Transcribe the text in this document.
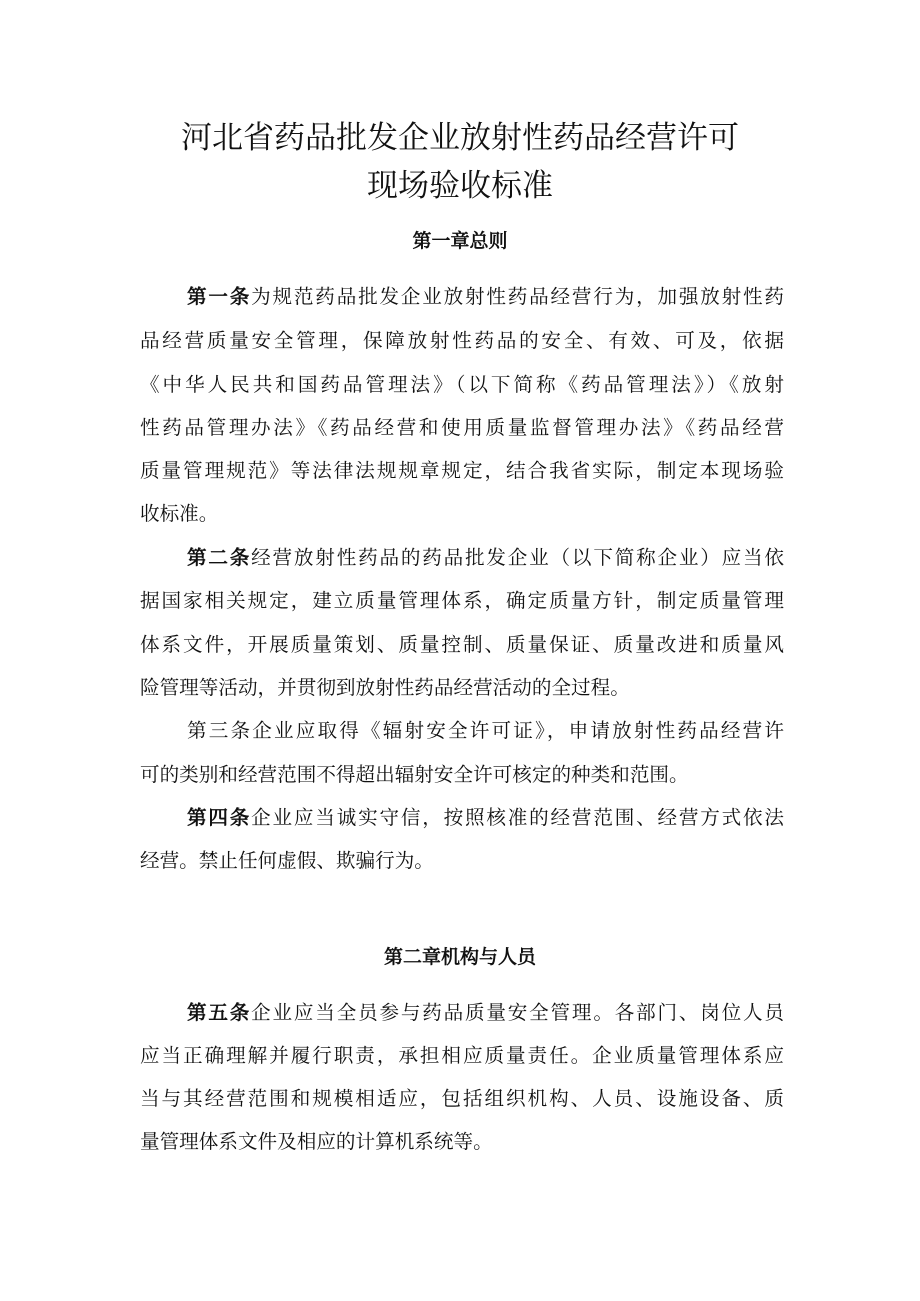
河北省药品批发企业放射性药品经营许可
现场验收标准
第一章总则
第一条为规范药品批发企业放射性药品经营行为，加强放射性药
品经营质量安全管理，保障放射性药品的安全、有效、可及，依据
《中华人民共和国药品管理法》（以下简称《药品管理法》）《放射
性药品管理办法》《药品经营和使用质量监督管理办法》《药品经营
质量管理规范》等法律法规规章规定，结合我省实际，制定本现场验
收标准。
第二条经营放射性药品的药品批发企业（以下简称企业）应当依
据国家相关规定，建立质量管理体系，确定质量方针，制定质量管理
体系文件，开展质量策划、质量控制、质量保证、质量改进和质量风
险管理等活动，并贯彻到放射性药品经营活动的全过程。
第三条企业应取得《辐射安全许可证》，申请放射性药品经营许
可的类别和经营范围不得超出辐射安全许可核定的种类和范围。
第四条企业应当诚实守信，按照核准的经营范围、经营方式依法
经营。禁止任何虚假、欺骗行为。
第二章机构与人员
第五条企业应当全员参与药品质量安全管理。各部门、岗位人员
应当正确理解并履行职责，承担相应质量责任。企业质量管理体系应
当与其经营范围和规模相适应，包括组织机构、人员、设施设备、质
量管理体系文件及相应的计算机系统等。
